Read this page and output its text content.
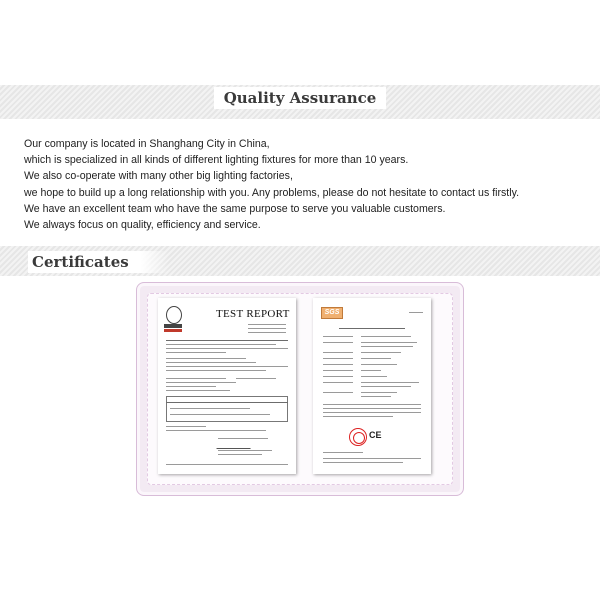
Quality Assurance
Our company is located in Shanghang City in China,
which is specialized in all kinds of different lighting fixtures for more than 10 years.
We also co-operate with many other big lighting factories,
we hope to build up a long relationship with you. Any problems, please do not hesitate to contact us firstly.
We have an excellent team who have the same purpose to serve you valuable customers.
We always focus on quality, efficiency and service.
Certificates
TEST REPORT	SGS
CE
